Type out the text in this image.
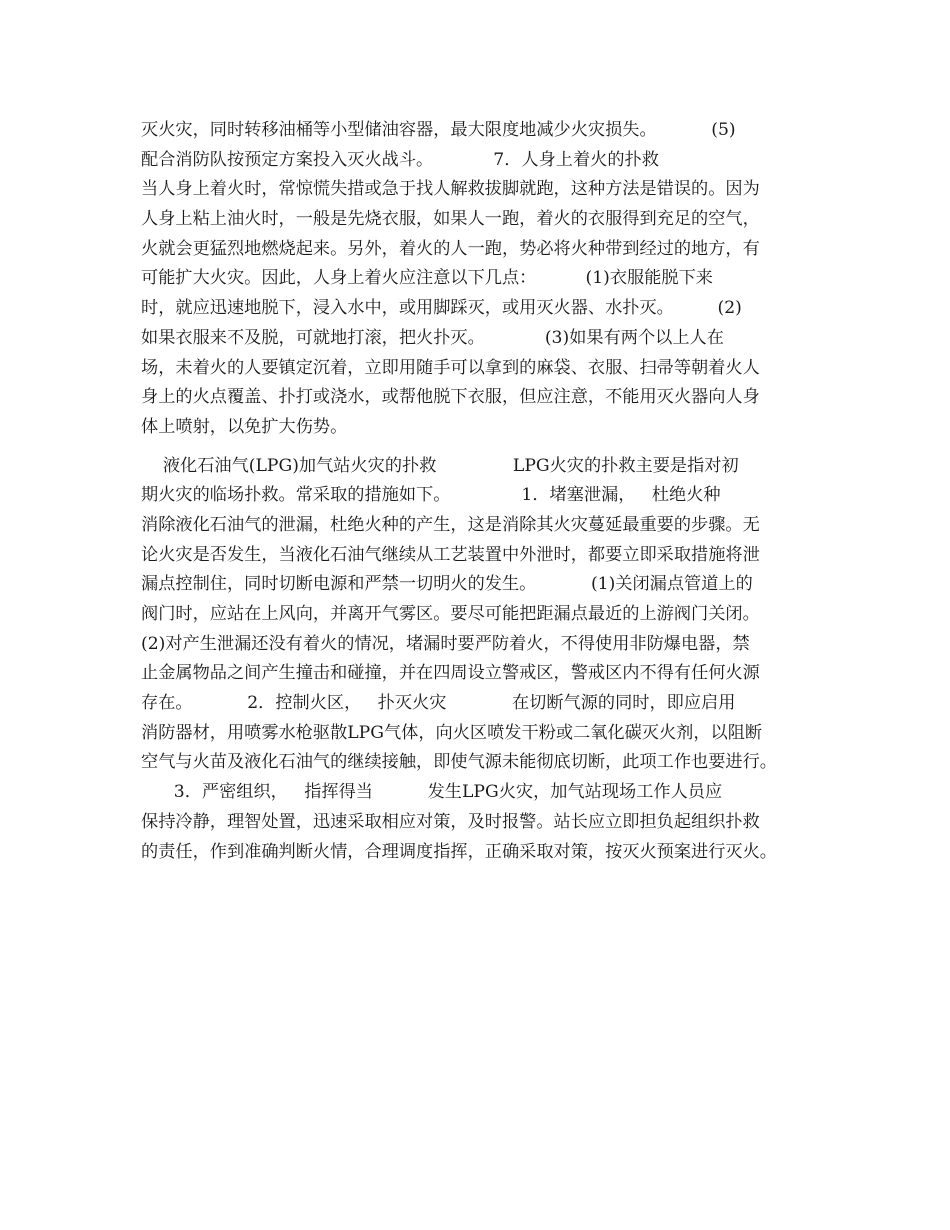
灭火灾，同时转移油桶等小型储油容器，最大限度地减少火灾损失。          (5)
配合消防队按预定方案投入灭火战斗。           7．人身上着火的扑救
当人身上着火时，常惊慌失措或急于找人解救拔脚就跑，这种方法是错误的。因为
人身上粘上油火时，一般是先烧衣服，如果人一跑，着火的衣服得到充足的空气，
火就会更猛烈地燃烧起来。另外，着火的人一跑，势必将火种带到经过的地方，有
可能扩大火灾。因此，人身上着火应注意以下几点：         (1)衣服能脱下来
时，就应迅速地脱下，浸入水中，或用脚踩灭，或用灭火器、水扑灭。        (2)
如果衣服来不及脱，可就地打滚，把火扑灭。           (3)如果有两个以上人在
场，未着火的人要镇定沉着，立即用随手可以拿到的麻袋、衣服、扫帚等朝着火人
身上的火点覆盖、扑打或浇水，或帮他脱下衣服，但应注意，不能用灭火器向人身
体上喷射，以免扩大伤势。
液化石油气(LPG)加气站火灾的扑救              LPG火灾的扑救主要是指对初
期火灾的临场扑救。常采取的措施如下。             1．堵塞泄漏，   杜绝火种
消除液化石油气的泄漏，杜绝火种的产生，这是消除其火灾蔓延最重要的步骤。无
论火灾是否发生，当液化石油气继续从工艺装置中外泄时，都要立即采取措施将泄
漏点控制住，同时切断电源和严禁一切明火的发生。          (1)关闭漏点管道上的
阀门时，应站在上风向，并离开气雾区。要尽可能把距漏点最近的上游阀门关闭。
(2)对产生泄漏还没有着火的情况，堵漏时要严防着火，不得使用非防爆电器，禁
止金属物品之间产生撞击和碰撞，并在四周设立警戒区，警戒区内不得有任何火源
存在。          2．控制火区，   扑灭火灾            在切断气源的同时，即应启用
消防器材，用喷雾水枪驱散LPG气体，向火区喷发干粉或二氧化碳灭火剂，以阻断
空气与火苗及液化石油气的继续接触，即使气源未能彻底切断，此项工作也要进行。
3．严密组织，   指挥得当          发生LPG火灾，加气站现场工作人员应
保持冷静，理智处置，迅速采取相应对策，及时报警。站长应立即担负起组织扑救
的责任，作到准确判断火情，合理调度指挥，正确采取对策，按灭火预案进行灭火。
